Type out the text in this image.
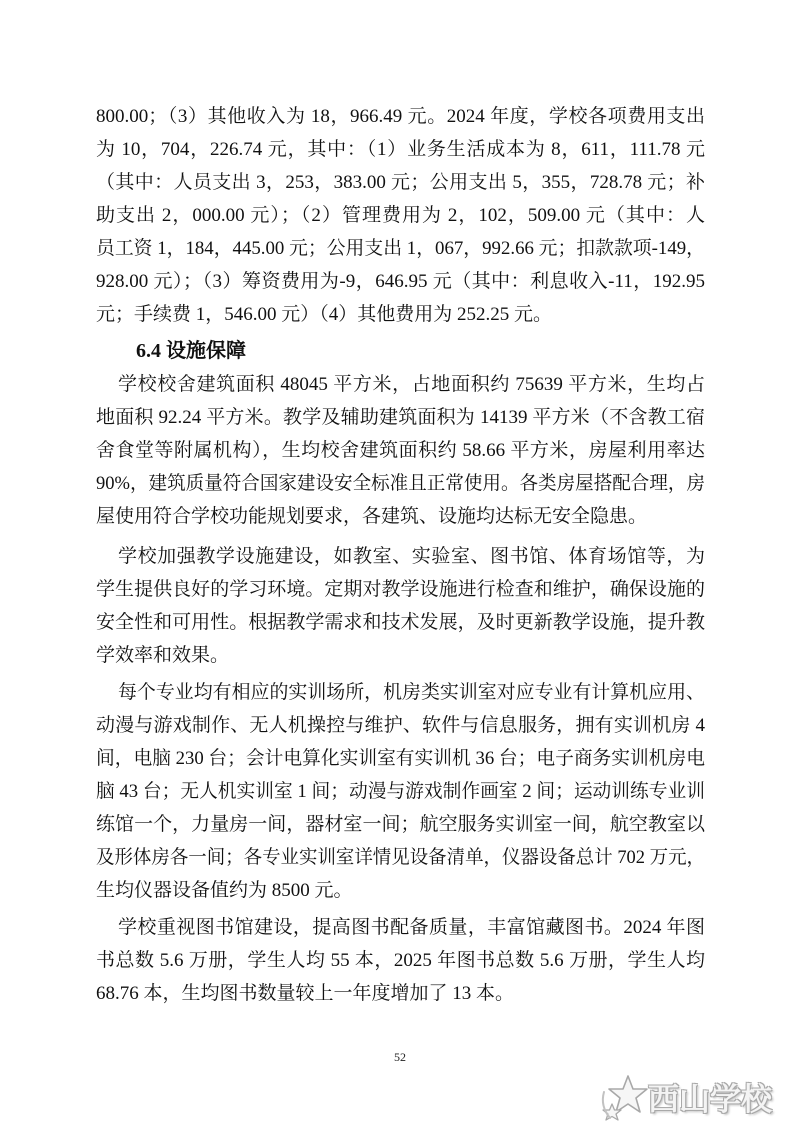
800.00；（3）其他收入为 18，966.49 元。2024 年度，学校各项费用支出
为 10，704，226.74 元，其中：（1）业务生活成本为 8，611，111.78 元
（其中：人员支出 3，253，383.00 元；公用支出 5，355，728.78 元；补
助支出 2，000.00 元）；（2）管理费用为 2，102，509.00 元（其中：人
员工资 1，184，445.00 元；公用支出 1，067，992.66 元；扣款款项-149，
928.00 元）；（3）筹资费用为-9，646.95 元（其中：利息收入-11，192.95
元；手续费 1，546.00 元）（4）其他费用为 252.25 元。
6.4 设施保障
学校校舍建筑面积 48045 平方米，占地面积约 75639 平方米，生均占
地面积 92.24 平方米。教学及辅助建筑面积为 14139 平方米（不含教工宿
舍食堂等附属机构），生均校舍建筑面积约 58.66 平方米，房屋利用率达
90%，建筑质量符合国家建设安全标准且正常使用。各类房屋搭配合理，房
屋使用符合学校功能规划要求，各建筑、设施均达标无安全隐患。
学校加强教学设施建设，如教室、实验室、图书馆、体育场馆等，为
学生提供良好的学习环境。定期对教学设施进行检查和维护，确保设施的
安全性和可用性。根据教学需求和技术发展，及时更新教学设施，提升教
学效率和效果。
每个专业均有相应的实训场所，机房类实训室对应专业有计算机应用、
动漫与游戏制作、无人机操控与维护、软件与信息服务，拥有实训机房 4
间，电脑 230 台；会计电算化实训室有实训机 36 台；电子商务实训机房电
脑 43 台；无人机实训室 1 间；动漫与游戏制作画室 2 间；运动训练专业训
练馆一个，力量房一间，器材室一间；航空服务实训室一间，航空教室以
及形体房各一间；各专业实训室详情见设备清单，仪器设备总计 702 万元，
生均仪器设备值约为 8500 元。
学校重视图书馆建设，提高图书配备质量，丰富馆藏图书。2024 年图
书总数 5.6 万册，学生人均 55 本，2025 年图书总数 5.6 万册，学生人均
68.76 本，生均图书数量较上一年度增加了 13 本。
52
西山学校
